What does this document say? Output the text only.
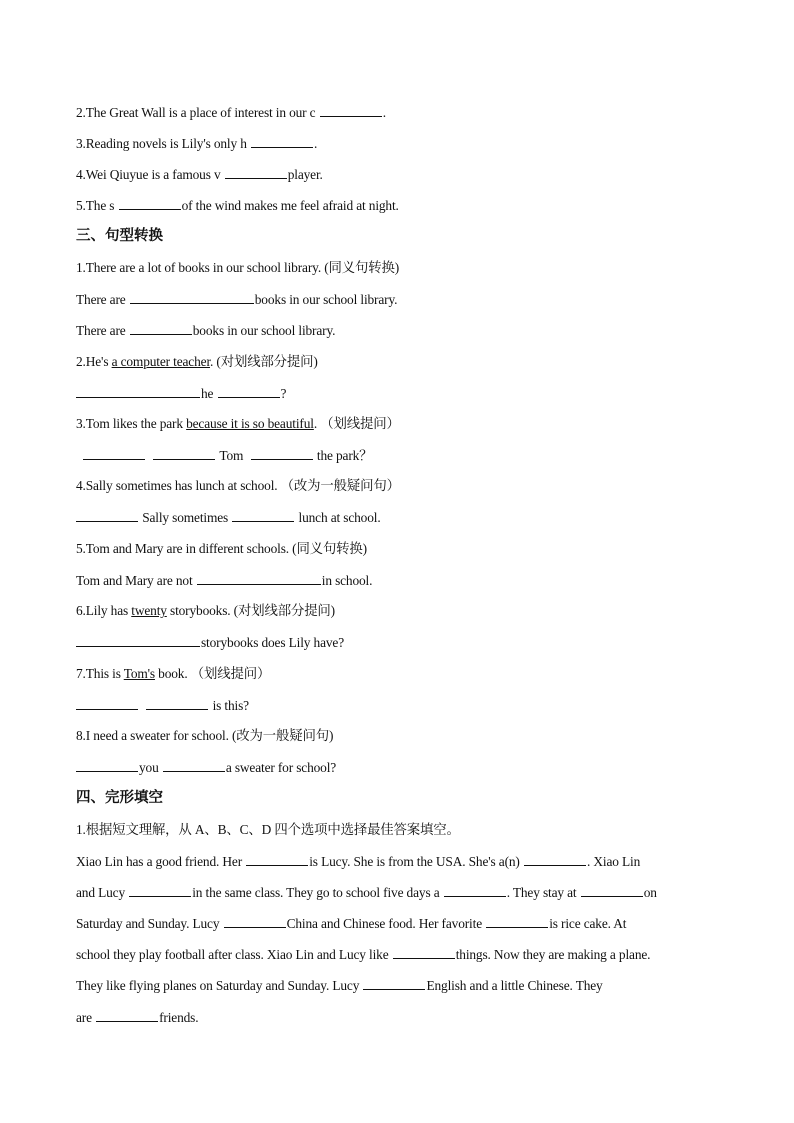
2.The Great Wall is a place of interest in our c	.
3.Reading novels is Lily's only h	.
4.Wei Qiuyue is a famous v	player.
5.The s	of the wind makes me feel afraid at night.
三、句型转换
1.There are a lot of books in our school library. (同义句转换)
There are	books in our school library.
There are	books in our school library.
2.He's a computer teacher. (对划线部分提问)
he	?
3.Tom likes the park because it is so beautiful. （划线提问）
Tom	the park？
4.Sally sometimes has lunch at school. （改为一般疑问句）
Sally sometimes	lunch at school.
5.Tom and Mary are in different schools. (同义句转换)
Tom and Mary are not	in school.
6.Lily has twenty storybooks. (对划线部分提问)
storybooks does Lily have?
7.This is Tom's book. （划线提问）
is this?
8.I need a sweater for school. (改为一般疑问句)
you	a sweater for school?
四、完形填空
1.根据短文理解，从 A、B、C、D 四个选项中选择最佳答案填空。
Xiao Lin has a good friend. Her	is Lucy. She is from the USA. She's a(n)	. Xiao Lin
and Lucy	in the same class. They go to school five days a	. They stay at	on
Saturday and Sunday. Lucy	China and Chinese food. Her favorite	is rice cake. At
school they play football after class. Xiao Lin and Lucy like	things. Now they are making a plane.
They like flying planes on Saturday and Sunday. Lucy	English and a little Chinese. They
are	friends.
